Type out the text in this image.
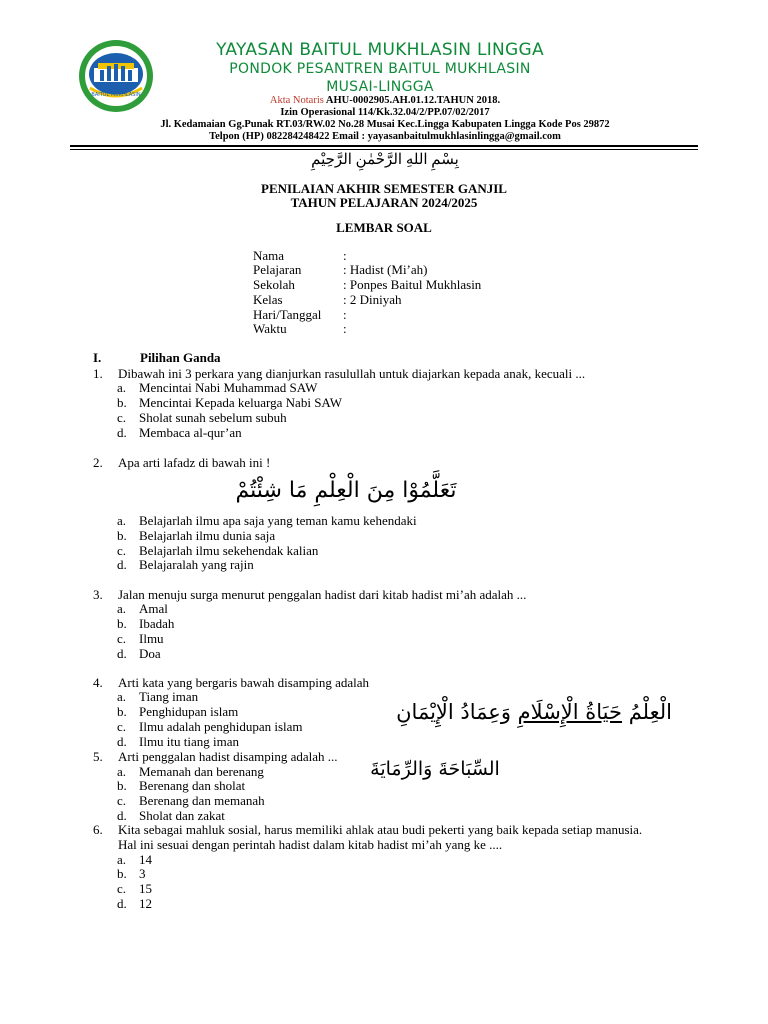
BAITUL MUKHLASIN
YAYASAN BAITUL MUKHLASIN LINGGA
PONDOK PESANTREN BAITUL MUKHLASIN
MUSAI-LINGGA
Akta Notaris AHU-0002905.AH.01.12.TAHUN 2018.
Izin Operasional 114/Kk.32.04/2/PP.07/02/2017
Jl. Kedamaian Gg.Punak RT.03/RW.02 No.28 Musai Kec.Lingga Kabupaten Lingga Kode Pos 29872
Telpon (HP) 082284248422 Email : yayasanbaitulmukhlasinlingga@gmail.com
بِسْمِ اللهِ الرَّحْمٰنِ الرَّحِيْمِ
PENILAIAN AKHIR SEMESTER GANJIL
TAHUN PELAJARAN 2024/2025
LEMBAR SOAL
Nama	:
Pelajaran	: Hadist (Mi’ah)
Sekolah	: Ponpes Baitul Mukhlasin
Kelas	: 2 Diniyah
Hari/Tanggal :
Waktu	:
I.	Pilihan Ganda
1. Dibawah ini 3 perkara yang dianjurkan rasulullah untuk diajarkan kepada anak, kecuali ...
a. Mencintai Nabi Muhammad SAW
b. Mencintai Kepada keluarga Nabi SAW
c. Sholat sunah sebelum subuh
d. Membaca al-qur’an
2. Apa arti lafadz di bawah ini !
تَعَلَّمُوْا مِنَ الْعِلْمِ مَا شِئْتُمْ
a. Belajarlah ilmu apa saja yang teman kamu kehendaki
b. Belajarlah ilmu dunia saja
c. Belajarlah ilmu sekehendak kalian
d. Belajaralah yang rajin
3. Jalan menuju surga menurut penggalan hadist dari kitab hadist mi’ah adalah ...
a. Amal
b. Ibadah
c. Ilmu
d. Doa
4. Arti kata yang bergaris bawah disamping adalah
الْعِلْمُ حَيَاةُ الْإِسْلَامِ وَعِمَادُ الْإِيْمَانِ
a. Tiang iman
b. Penghidupan islam
c. Ilmu adalah penghidupan islam
d. Ilmu itu tiang iman
5. Arti penggalan hadist disamping adalah ...
السِّبَاحَةَ وَالرِّمَايَةَ
a. Memanah dan berenang
b. Berenang dan sholat
c. Berenang dan memanah
d. Sholat dan zakat
6. Kita sebagai mahluk sosial, harus memiliki ahlak atau budi pekerti yang baik kepada setiap manusia.
Hal ini sesuai dengan perintah hadist dalam kitab hadist mi’ah yang ke ....
a. 14
b. 3
c. 15
d. 12
